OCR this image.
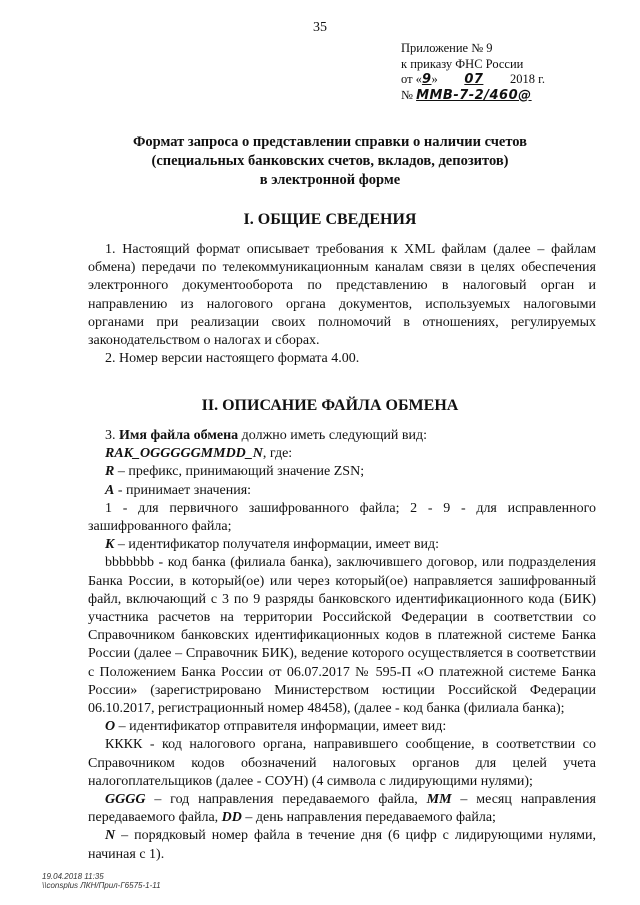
35
Приложение № 9
к приказу ФНС России
от «9» 07 2018 г.
№ ММВ-7-2/460@
Формат запроса о представлении справки о наличии счетов
(специальных банковских счетов, вкладов, депозитов)
в электронной форме
I. ОБЩИЕ СВЕДЕНИЯ

1. Настоящий формат описывает требования к XML файлам (далее – файлам обмена) передачи по телекоммуникационным каналам связи в целях обеспечения электронного документооборота по представлению в налоговый орган и направлению из налогового органа документов, используемых налоговыми органами при реализации своих полномочий в отношениях, регулируемых законодательством о налогах и сборах.

2. Номер версии настоящего формата 4.00.

II. ОПИСАНИЕ ФАЙЛА ОБМЕНА

3. Имя файла обмена должно иметь следующий вид:

RAK_OGGGGGMMDD_N, где:

R – префикс, принимающий значение ZSN;

A - принимает значения:

1 - для первичного зашифрованного файла; 2 - 9 - для исправленного зашифрованного файла;

K – идентификатор получателя информации, имеет вид:

bbbbbbb - код банка (филиала банка), заключившего договор, или подразделения Банка России, в который(ое) или через который(ое) направляется зашифрованный файл, включающий с 3 по 9 разряды банковского идентификационного кода (БИК) участника расчетов на территории Российской Федерации в соответствии со Справочником банковских идентификационных кодов в платежной системе Банка России (далее – Справочник БИК), ведение которого осуществляется в соответствии с Положением Банка России от 06.07.2017 № 595-П «О платежной системе Банка России» (зарегистрировано Министерством юстиции Российской Федерации 06.10.2017, регистрационный номер 48458), (далее - код банка (филиала банка);

O – идентификатор отправителя информации, имеет вид:

КККК - код налогового органа, направившего сообщение, в соответствии со Справочником кодов обозначений налоговых органов для целей учета налогоплательщиков (далее - СОУН) (4 символа с лидирующими нулями);

GGGG – год направления передаваемого файла, MM – месяц направления передаваемого файла, DD – день направления передаваемого файла;

N – порядковый номер файла в течение дня (6 цифр с лидирующими нулями, начиная с 1).

19.04.2018 11:35
\\consplus ЛКН/Прил-Г6575-1-11
